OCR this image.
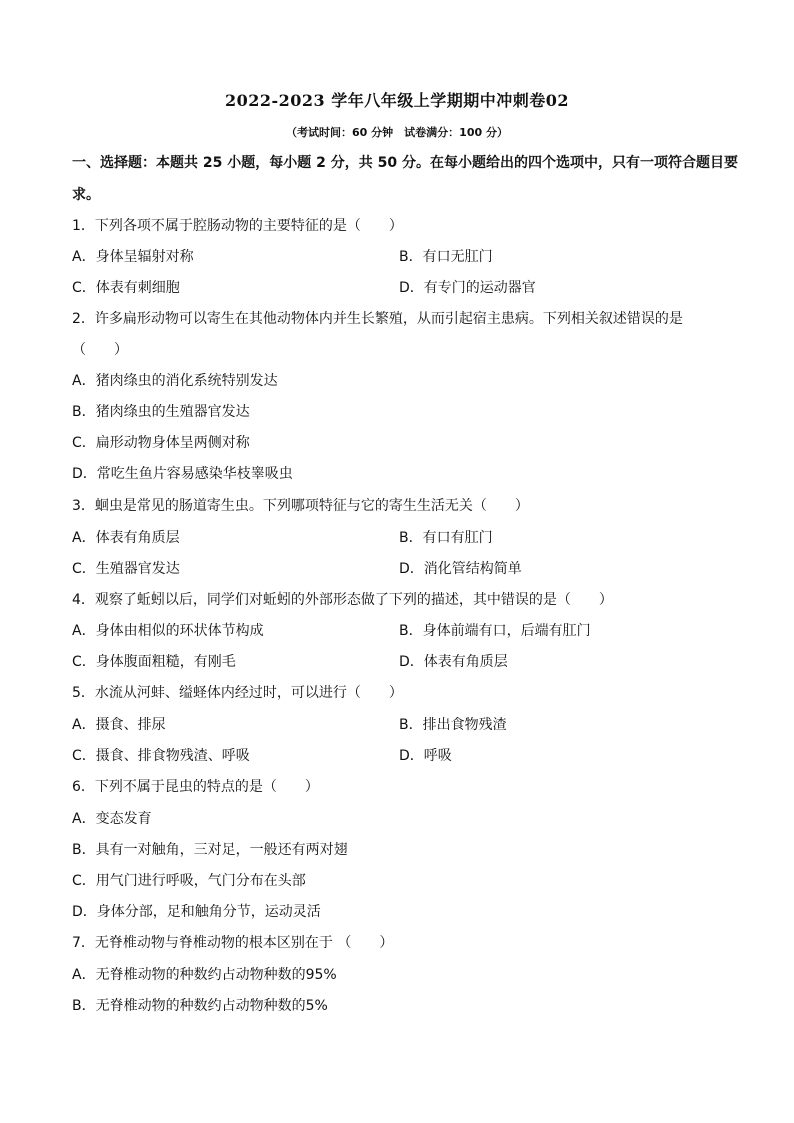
2022-2023 学年八年级上学期期中冲刺卷02
（考试时间：60 分钟　试卷满分：100 分）
一、选择题：本题共 25 小题，每小题 2 分，共 50 分。在每小题给出的四个选项中，只有一项符合题目要
求。
1．下列各项不属于腔肠动物的主要特征的是（　　）
A．身体呈辐射对称	B．有口无肛门
C．体表有刺细胞	D．有专门的运动器官
2．许多扁形动物可以寄生在其他动物体内并生长繁殖，从而引起宿主患病。下列相关叙述错误的是
（　　）
A．猪肉绦虫的消化系统特别发达
B．猪肉绦虫的生殖器官发达
C．扁形动物身体呈两侧对称
D．常吃生鱼片容易感染华枝睾吸虫
3．蛔虫是常见的肠道寄生虫。下列哪项特征与它的寄生生活无关（　　）
A．体表有角质层	B．有口有肛门
C．生殖器官发达	D．消化管结构简单
4．观察了蚯蚓以后，同学们对蚯蚓的外部形态做了下列的描述，其中错误的是（　　）
A．身体由相似的环状体节构成	B．身体前端有口，后端有肛门
C．身体腹面粗糙，有刚毛	D．体表有角质层
5．水流从河蚌、缢蛏体内经过时，可以进行（　　）
A．摄食、排尿	B．排出食物残渣
C．摄食、排食物残渣、呼吸	D．呼吸
6．下列不属于昆虫的特点的是（　　）
A．变态发育
B．具有一对触角，三对足，一般还有两对翅
C．用气门进行呼吸，气门分布在头部
D．身体分部，足和触角分节，运动灵活
7．无脊椎动物与脊椎动物的根本区别在于 （　　）
A．无脊椎动物的种数约占动物种数的95%
B．无脊椎动物的种数约占动物种数的5%
